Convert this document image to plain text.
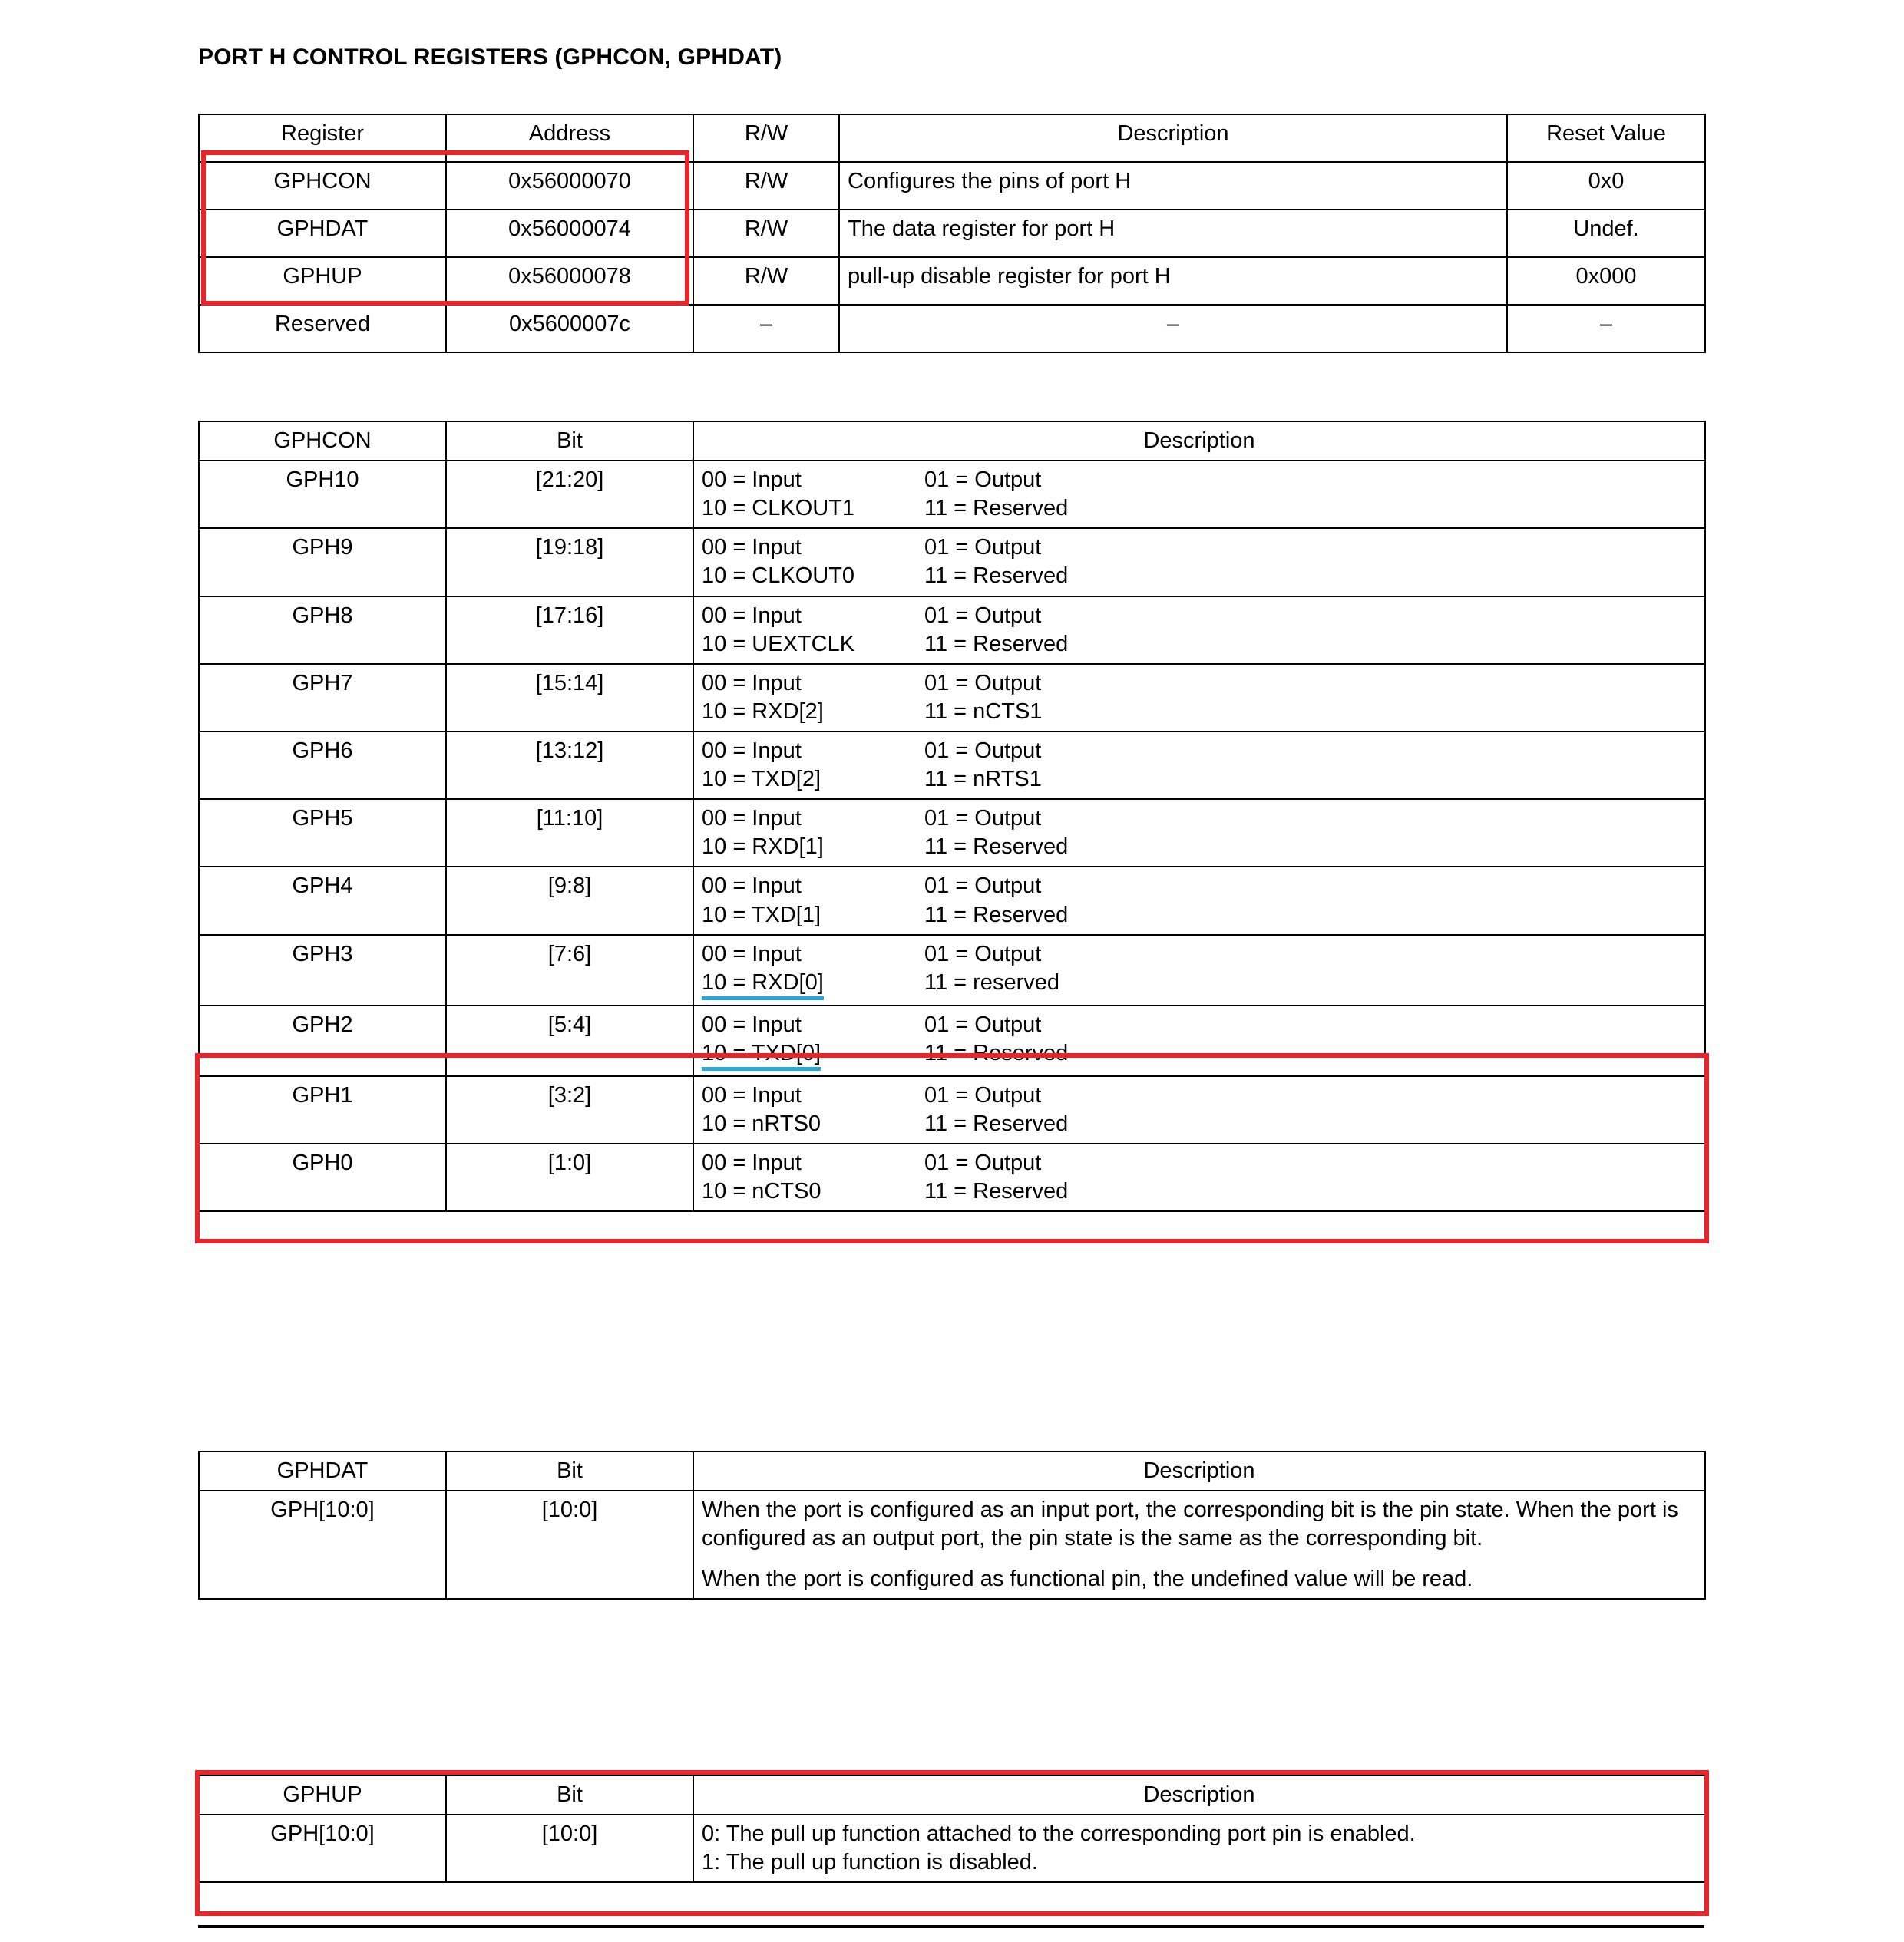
PORT H CONTROL REGISTERS (GPHCON, GPHDAT)
Register	Address	R/W	Description	Reset Value
GPHCON	0x56000070	R/W	Configures the pins of port H	0x0
GPHDAT	0x56000074	R/W	The data register for port H	Undef.
GPHUP	0x56000078	R/W	pull-up disable register for port H	0x000
Reserved	0x5600007c	–	–	–
GPHCON	Bit	Description
GPH10	[21:20]	00 = Input
10 = CLKOUT1
01 = Output
11 = Reserved

GPH9	[19:18]	00 = Input
10 = CLKOUT0
01 = Output
11 = Reserved

GPH8	[17:16]	00 = Input
10 = UEXTCLK
01 = Output
11 = Reserved

GPH7	[15:14]	00 = Input
10 = RXD[2]
01 = Output
11 = nCTS1

GPH6	[13:12]	00 = Input
10 = TXD[2]
01 = Output
11 = nRTS1

GPH5	[11:10]	00 = Input
10 = RXD[1]
01 = Output
11 = Reserved

GPH4	[9:8]	00 = Input
10 = TXD[1]
01 = Output
11 = Reserved

GPH3	[7:6]	00 = Input
10 = RXD[0]
01 = Output
11 = reserved

GPH2	[5:4]	00 = Input
10 = TXD[0]
01 = Output
11 = Reserved

GPH1	[3:2]	00 = Input
10 = nRTS0
01 = Output
11 = Reserved

GPH0	[1:0]	00 = Input
10 = nCTS0
01 = Output
11 = Reserved
GPHDAT	Bit	Description
GPH[10:0]	[10:0]	When the port is configured as an input port, the corresponding bit is the pin state. When the port is configured as an output port, the pin state is the same as the corresponding bit.

When the port is configured as functional pin, the undefined value will be read.

GPHUP	Bit	Description
GPH[10:0]	[10:0]	0: The pull up function attached to the corresponding port pin is enabled.
1: The pull up function is disabled.
